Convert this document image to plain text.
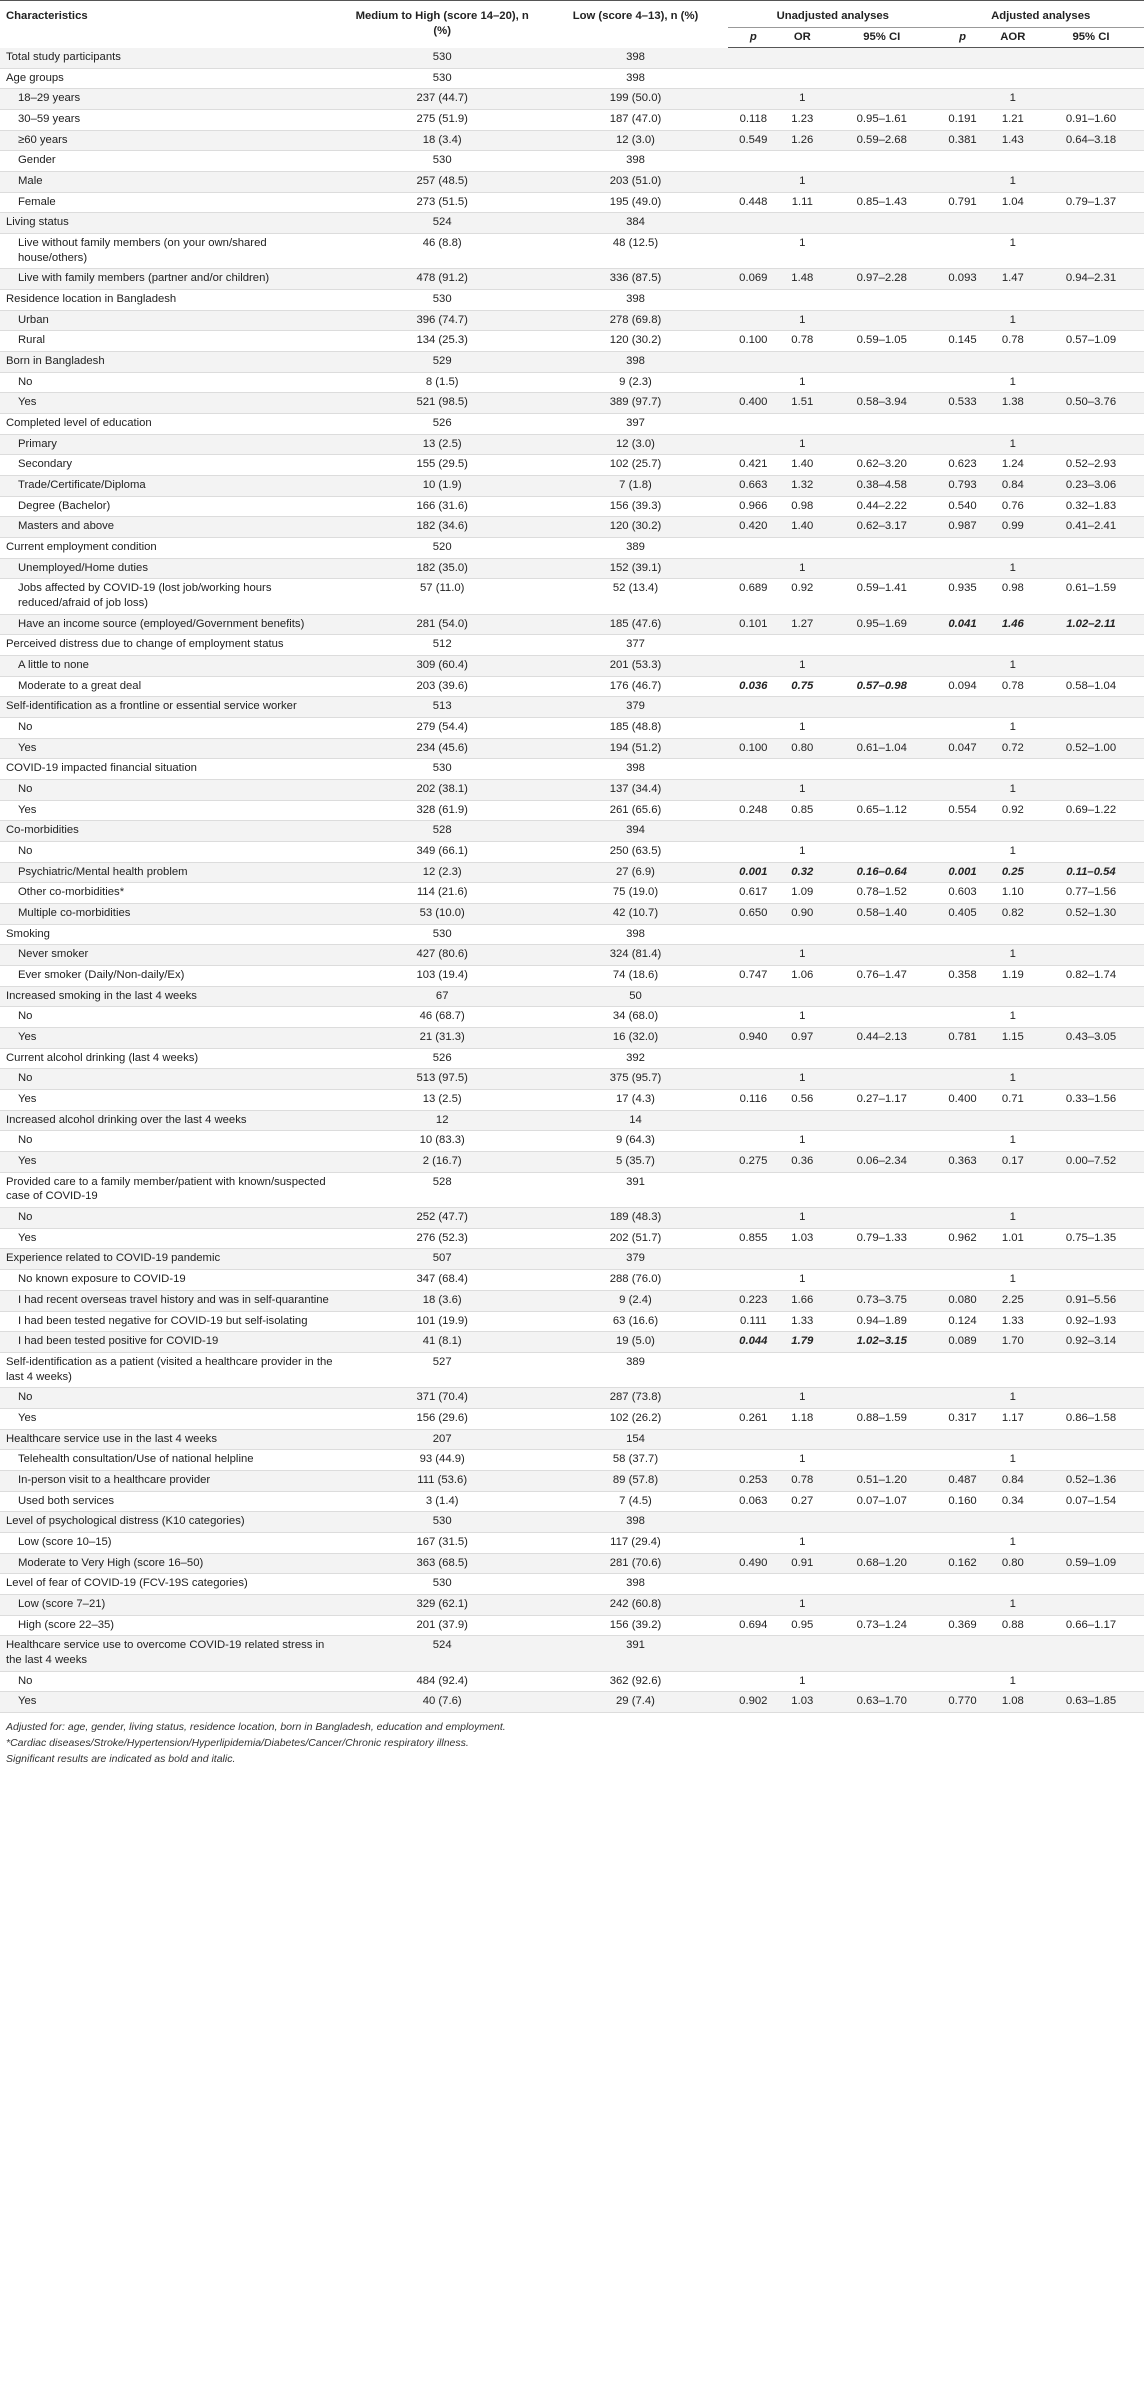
Characteristics	Medium to High (score 14–20), n (%)	Low (score 4–13), n (%)	Unadjusted analyses			Adjusted analyses		
			p	OR	95% CI	p	AOR	95% CI
Total study participants	530	398						
Age groups	530	398						
18–29 years	237 (44.7)	199 (50.0)		1			1	
30–59 years	275 (51.9)	187 (47.0)	0.118	1.23	0.95–1.61	0.191	1.21	0.91–1.60
≥60 years	18 (3.4)	12 (3.0)	0.549	1.26	0.59–2.68	0.381	1.43	0.64–3.18
Gender	530	398						
Male	257 (48.5)	203 (51.0)		1			1	
Female	273 (51.5)	195 (49.0)	0.448	1.11	0.85–1.43	0.791	1.04	0.79–1.37
Living status	524	384						
Live without family members (on your own/shared house/others)	46 (8.8)	48 (12.5)		1			1	
Live with family members (partner and/or children)	478 (91.2)	336 (87.5)	0.069	1.48	0.97–2.28	0.093	1.47	0.94–2.31
Residence location in Bangladesh	530	398						
Urban	396 (74.7)	278 (69.8)		1			1	
Rural	134 (25.3)	120 (30.2)	0.100	0.78	0.59–1.05	0.145	0.78	0.57–1.09
Born in Bangladesh	529	398						
No	8 (1.5)	9 (2.3)		1			1	
Yes	521 (98.5)	389 (97.7)	0.400	1.51	0.58–3.94	0.533	1.38	0.50–3.76
Completed level of education	526	397						
Primary	13 (2.5)	12 (3.0)		1			1	
Secondary	155 (29.5)	102 (25.7)	0.421	1.40	0.62–3.20	0.623	1.24	0.52–2.93
Trade/Certificate/Diploma	10 (1.9)	7 (1.8)	0.663	1.32	0.38–4.58	0.793	0.84	0.23–3.06
Degree (Bachelor)	166 (31.6)	156 (39.3)	0.966	0.98	0.44–2.22	0.540	0.76	0.32–1.83
Masters and above	182 (34.6)	120 (30.2)	0.420	1.40	0.62–3.17	0.987	0.99	0.41–2.41
Current employment condition	520	389						
Unemployed/Home duties	182 (35.0)	152 (39.1)		1			1	
Jobs affected by COVID-19 (lost job/working hours reduced/afraid of job loss)	57 (11.0)	52 (13.4)	0.689	0.92	0.59–1.41	0.935	0.98	0.61–1.59
Have an income source (employed/Government benefits)	281 (54.0)	185 (47.6)	0.101	1.27	0.95–1.69	0.041	1.46	1.02–2.11
Perceived distress due to change of employment status	512	377						
A little to none	309 (60.4)	201 (53.3)		1			1	
Moderate to a great deal	203 (39.6)	176 (46.7)	0.036	0.75	0.57–0.98	0.094	0.78	0.58–1.04
Self-identification as a frontline or essential service worker	513	379						
No	279 (54.4)	185 (48.8)		1			1	
Yes	234 (45.6)	194 (51.2)	0.100	0.80	0.61–1.04	0.047	0.72	0.52–1.00
COVID-19 impacted financial situation	530	398						
No	202 (38.1)	137 (34.4)		1			1	
Yes	328 (61.9)	261 (65.6)	0.248	0.85	0.65–1.12	0.554	0.92	0.69–1.22
Co-morbidities	528	394						
No	349 (66.1)	250 (63.5)		1			1	
Psychiatric/Mental health problem	12 (2.3)	27 (6.9)	0.001	0.32	0.16–0.64	0.001	0.25	0.11–0.54
Other co-morbidities*	114 (21.6)	75 (19.0)	0.617	1.09	0.78–1.52	0.603	1.10	0.77–1.56
Multiple co-morbidities	53 (10.0)	42 (10.7)	0.650	0.90	0.58–1.40	0.405	0.82	0.52–1.30
Smoking	530	398						
Never smoker	427 (80.6)	324 (81.4)		1			1	
Ever smoker (Daily/Non-daily/Ex)	103 (19.4)	74 (18.6)	0.747	1.06	0.76–1.47	0.358	1.19	0.82–1.74
Increased smoking in the last 4 weeks	67	50						
No	46 (68.7)	34 (68.0)		1			1	
Yes	21 (31.3)	16 (32.0)	0.940	0.97	0.44–2.13	0.781	1.15	0.43–3.05
Current alcohol drinking (last 4 weeks)	526	392						
No	513 (97.5)	375 (95.7)		1			1	
Yes	13 (2.5)	17 (4.3)	0.116	0.56	0.27–1.17	0.400	0.71	0.33–1.56
Increased alcohol drinking over the last 4 weeks	12	14						
No	10 (83.3)	9 (64.3)		1			1	
Yes	2 (16.7)	5 (35.7)	0.275	0.36	0.06–2.34	0.363	0.17	0.00–7.52
Provided care to a family member/patient with known/suspected case of COVID-19	528	391						
No	252 (47.7)	189 (48.3)		1			1	
Yes	276 (52.3)	202 (51.7)	0.855	1.03	0.79–1.33	0.962	1.01	0.75–1.35
Experience related to COVID-19 pandemic	507	379						
No known exposure to COVID-19	347 (68.4)	288 (76.0)		1			1	
I had recent overseas travel history and was in self-quarantine	18 (3.6)	9 (2.4)	0.223	1.66	0.73–3.75	0.080	2.25	0.91–5.56
I had been tested negative for COVID-19 but self-isolating	101 (19.9)	63 (16.6)	0.111	1.33	0.94–1.89	0.124	1.33	0.92–1.93
I had been tested positive for COVID-19	41 (8.1)	19 (5.0)	0.044	1.79	1.02–3.15	0.089	1.70	0.92–3.14
Self-identification as a patient (visited a healthcare provider in the last 4 weeks)	527	389						
No	371 (70.4)	287 (73.8)		1			1	
Yes	156 (29.6)	102 (26.2)	0.261	1.18	0.88–1.59	0.317	1.17	0.86–1.58
Healthcare service use in the last 4 weeks	207	154						
Telehealth consultation/Use of national helpline	93 (44.9)	58 (37.7)		1			1	
In-person visit to a healthcare provider	111 (53.6)	89 (57.8)	0.253	0.78	0.51–1.20	0.487	0.84	0.52–1.36
Used both services	3 (1.4)	7 (4.5)	0.063	0.27	0.07–1.07	0.160	0.34	0.07–1.54
Level of psychological distress (K10 categories)	530	398						
Low (score 10–15)	167 (31.5)	117 (29.4)		1			1	
Moderate to Very High (score 16–50)	363 (68.5)	281 (70.6)	0.490	0.91	0.68–1.20	0.162	0.80	0.59–1.09
Level of fear of COVID-19 (FCV-19S categories)	530	398						
Low (score 7–21)	329 (62.1)	242 (60.8)		1			1	
High (score 22–35)	201 (37.9)	156 (39.2)	0.694	0.95	0.73–1.24	0.369	0.88	0.66–1.17
Healthcare service use to overcome COVID-19 related stress in the last 4 weeks	524	391						
No	484 (92.4)	362 (92.6)		1			1	
Yes	40 (7.6)	29 (7.4)	0.902	1.03	0.63–1.70	0.770	1.08	0.63–1.85

Adjusted for: age, gender, living status, residence location, born in Bangladesh, education and employment.

*Cardiac diseases/Stroke/Hypertension/Hyperlipidemia/Diabetes/Cancer/Chronic respiratory illness.

Significant results are indicated as bold and italic.
